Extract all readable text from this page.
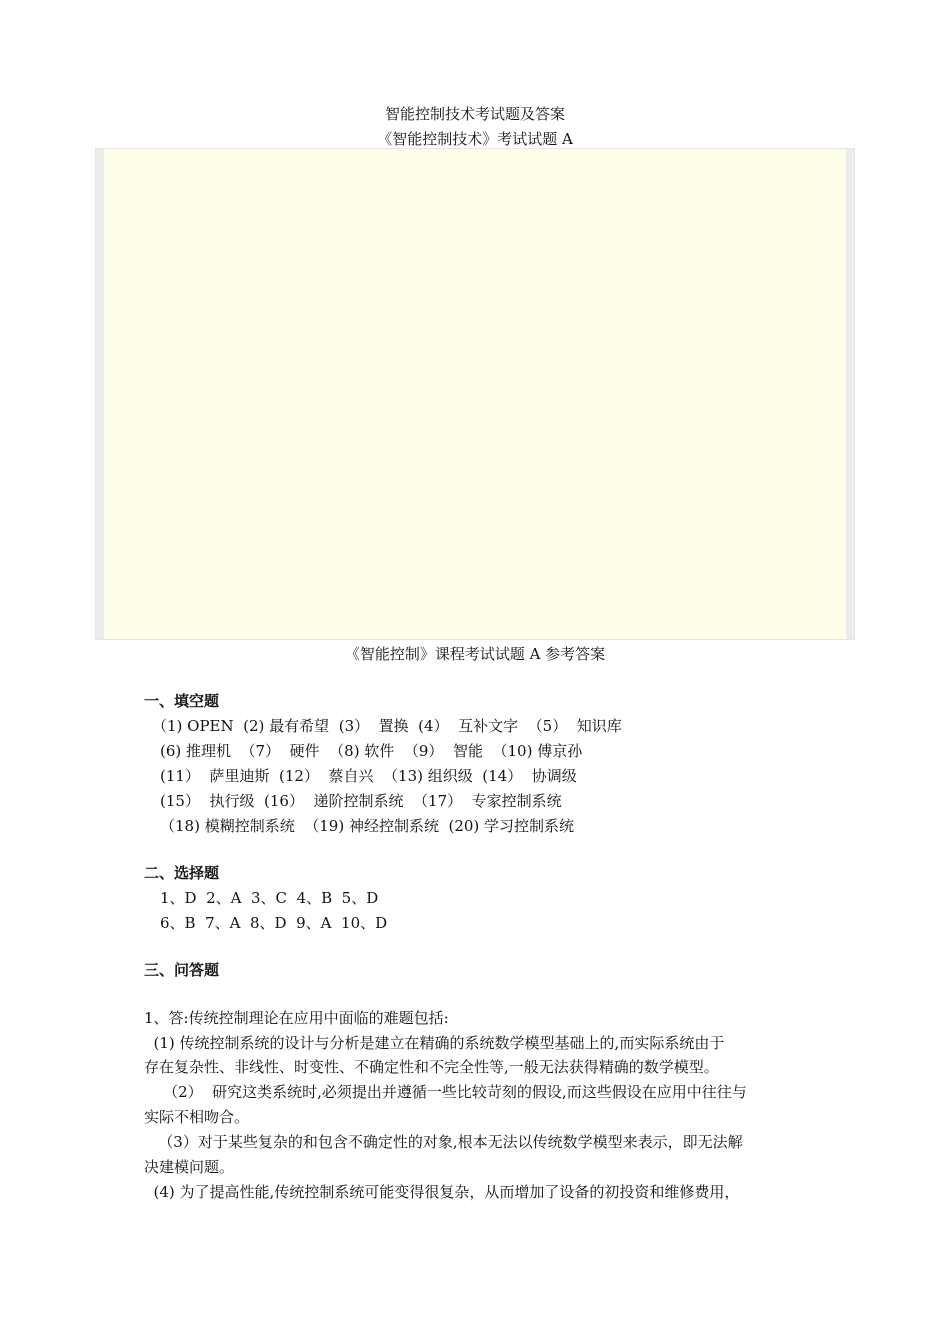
智能控制技术考试题及答案
《智能控制技术》考试试题 A
《智能控制》课程考试试题 A 参考答案
一、填空题
（1) OPEN  (2) 最有希望  (3）  置换  (4）  互补文字  （5）  知识库
(6) 推理机  （7）  硬件  （8) 软件  （9）  智能  （10) 傅京孙
(11）  萨里迪斯  (12）  蔡自兴  （13) 组织级  (14）  协调级
(15）  执行级  (16）  递阶控制系统  （17）  专家控制系统
（18) 模糊控制系统  （19) 神经控制系统  (20) 学习控制系统
二、选择题
1、D  2、A  3、C  4、B  5、D
6、B  7、A  8、D  9、A  10、D
三、问答题
1、答:传统控制理论在应用中面临的难题包括:
(1) 传统控制系统的设计与分析是建立在精确的系统数学模型基础上的,而实际系统由于
存在复杂性、非线性、时变性、不确定性和不完全性等,一般无法获得精确的数学模型。
（2）  研究这类系统时,必须提出并遵循一些比较苛刻的假设,而这些假设在应用中往往与
实际不相吻合。
（3）对于某些复杂的和包含不确定性的对象,根本无法以传统数学模型来表示，即无法解
决建模问题。
(4) 为了提高性能,传统控制系统可能变得很复杂，从而增加了设备的初投资和维修费用，
